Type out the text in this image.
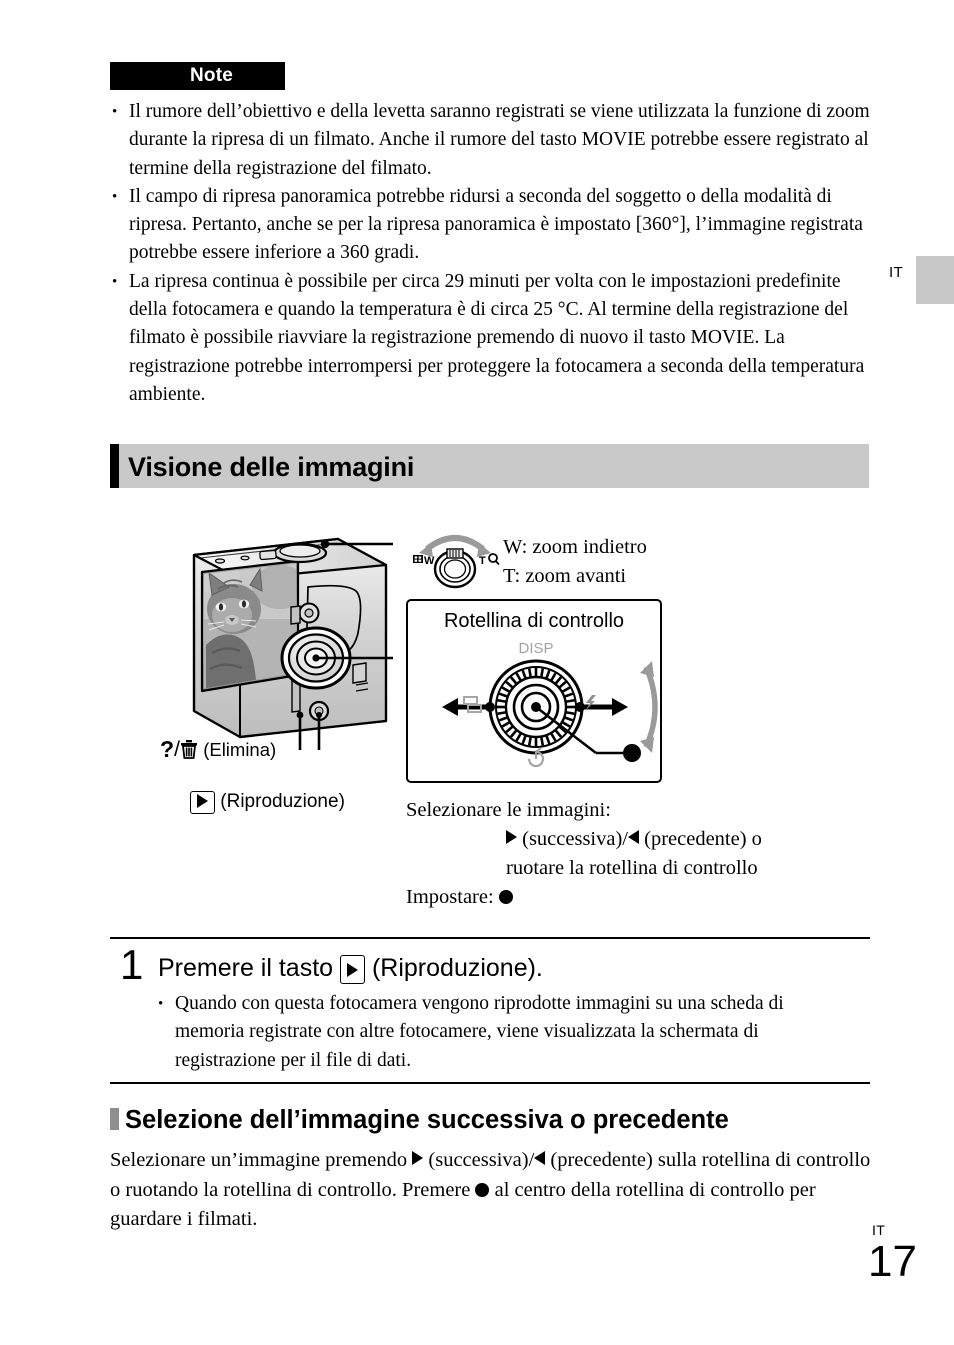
Note
• Il rumore dell’obiettivo e della levetta saranno registrati se viene utilizzata la funzione di zoom durante la ripresa di un filmato. Anche il rumore del tasto MOVIE potrebbe essere registrato al termine della registrazione del filmato.
• Il campo di ripresa panoramica potrebbe ridursi a seconda del soggetto o della modalità di ripresa. Pertanto, anche se per la ripresa panoramica è impostato [360°], l’immagine registrata potrebbe essere inferiore a 360 gradi.
• La ripresa continua è possibile per circa 29 minuti per volta con le impostazioni predefinite della fotocamera e quando la temperatura è di circa 25 °C. Al termine della registrazione del filmato è possibile riavviare la registrazione premendo di nuovo il tasto MOVIE. La registrazione potrebbe interrompersi per proteggere la fotocamera a seconda della temperatura ambiente.
IT
Visione delle immagini
W	T
W: zoom indietro
T: zoom avanti
Rotellina di controllo
DISP
?/ (Elimina)
(Riproduzione)	Selezionare le immagini:
(successiva)/ (precedente) o
ruotare la rotellina di controllo
Impostare:
1 Premere il tasto (Riproduzione).
• Quando con questa fotocamera vengono riprodotte immagini su una scheda di memoria registrate con altre fotocamere, viene visualizzata la schermata di registrazione per il file di dati.
Selezione dell’immagine successiva o precedente
Selezionare un’immagine premendo (successiva)/ (precedente) sulla rotellina di controllo o ruotando la rotellina di controllo. Premere al centro della rotellina di controllo per guardare i filmati.	IT
17
